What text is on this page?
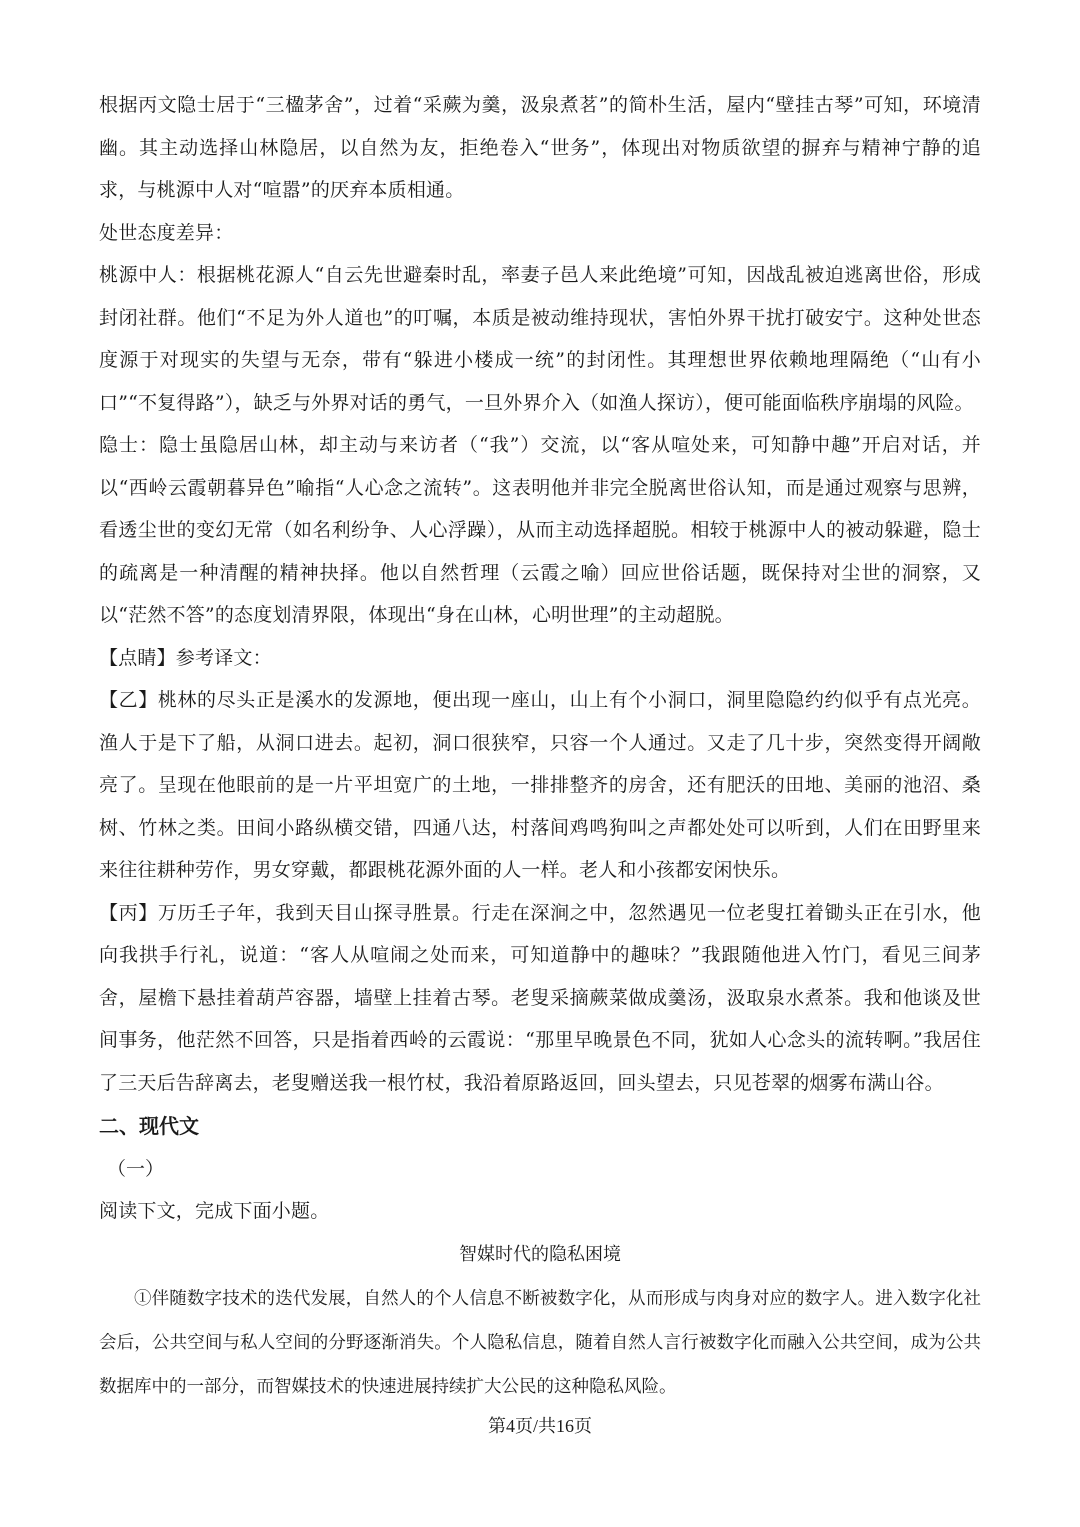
根据丙文隐士居于“三楹茅舍”，过着“采蕨为羹，汲泉煮茗”的简朴生活，屋内“壁挂古琴”可知，环境清幽。其主动选择山林隐居，以自然为友，拒绝卷入“世务”，体现出对物质欲望的摒弃与精神宁静的追求，与桃源中人对“喧嚣”的厌弃本质相通。

处世态度差异：

桃源中人：根据桃花源人“自云先世避秦时乱，率妻子邑人来此绝境”可知，因战乱被迫逃离世俗，形成封闭社群。他们“不足为外人道也”的叮嘱，本质是被动维持现状，害怕外界干扰打破安宁。这种处世态度源于对现实的失望与无奈，带有“躲进小楼成一统”的封闭性。其理想世界依赖地理隔绝（“山有小口”“不复得路”），缺乏与外界对话的勇气，一旦外界介入（如渔人探访），便可能面临秩序崩塌的风险。

隐士：隐士虽隐居山林，却主动与来访者（“我”）交流，以“客从喧处来，可知静中趣”开启对话，并以“西岭云霞朝暮异色”喻指“人心念之流转”。这表明他并非完全脱离世俗认知，而是通过观察与思辨，看透尘世的变幻无常（如名利纷争、人心浮躁），从而主动选择超脱。相较于桃源中人的被动躲避，隐士的疏离是一种清醒的精神抉择。他以自然哲理（云霞之喻）回应世俗话题，既保持对尘世的洞察，又以“茫然不答”的态度划清界限，体现出“身在山林，心明世理”的主动超脱。

【点睛】参考译文：

【乙】桃林的尽头正是溪水的发源地，便出现一座山，山上有个小洞口，洞里隐隐约约似乎有点光亮。渔人于是下了船，从洞口进去。起初，洞口很狭窄，只容一个人通过。又走了几十步，突然变得开阔敞亮了。呈现在他眼前的是一片平坦宽广的土地，一排排整齐的房舍，还有肥沃的田地、美丽的池沼、桑树、竹林之类。田间小路纵横交错，四通八达，村落间鸡鸣狗叫之声都处处可以听到，人们在田野里来来往往耕种劳作，男女穿戴，都跟桃花源外面的人一样。老人和小孩都安闲快乐。

【丙】万历壬子年，我到天目山探寻胜景。行走在深涧之中，忽然遇见一位老叟扛着锄头正在引水，他向我拱手行礼，说道：“客人从喧闹之处而来，可知道静中的趣味？”我跟随他进入竹门，看见三间茅舍，屋檐下悬挂着葫芦容器，墙壁上挂着古琴。老叟采摘蕨菜做成羹汤，汲取泉水煮茶。我和他谈及世间事务，他茫然不回答，只是指着西岭的云霞说：“那里早晚景色不同，犹如人心念头的流转啊。”我居住了三天后告辞离去，老叟赠送我一根竹杖，我沿着原路返回，回头望去，只见苍翠的烟雾布满山谷。

二、现代文

（一）

阅读下文，完成下面小题。

智媒时代的隐私困境

①伴随数字技术的迭代发展，自然人的个人信息不断被数字化，从而形成与肉身对应的数字人。进入数字化社会后，公共空间与私人空间的分野逐渐消失。个人隐私信息，随着自然人言行被数字化而融入公共空间，成为公共数据库中的一部分，而智媒技术的快速进展持续扩大公民的这种隐私风险。

第4页/共16页
